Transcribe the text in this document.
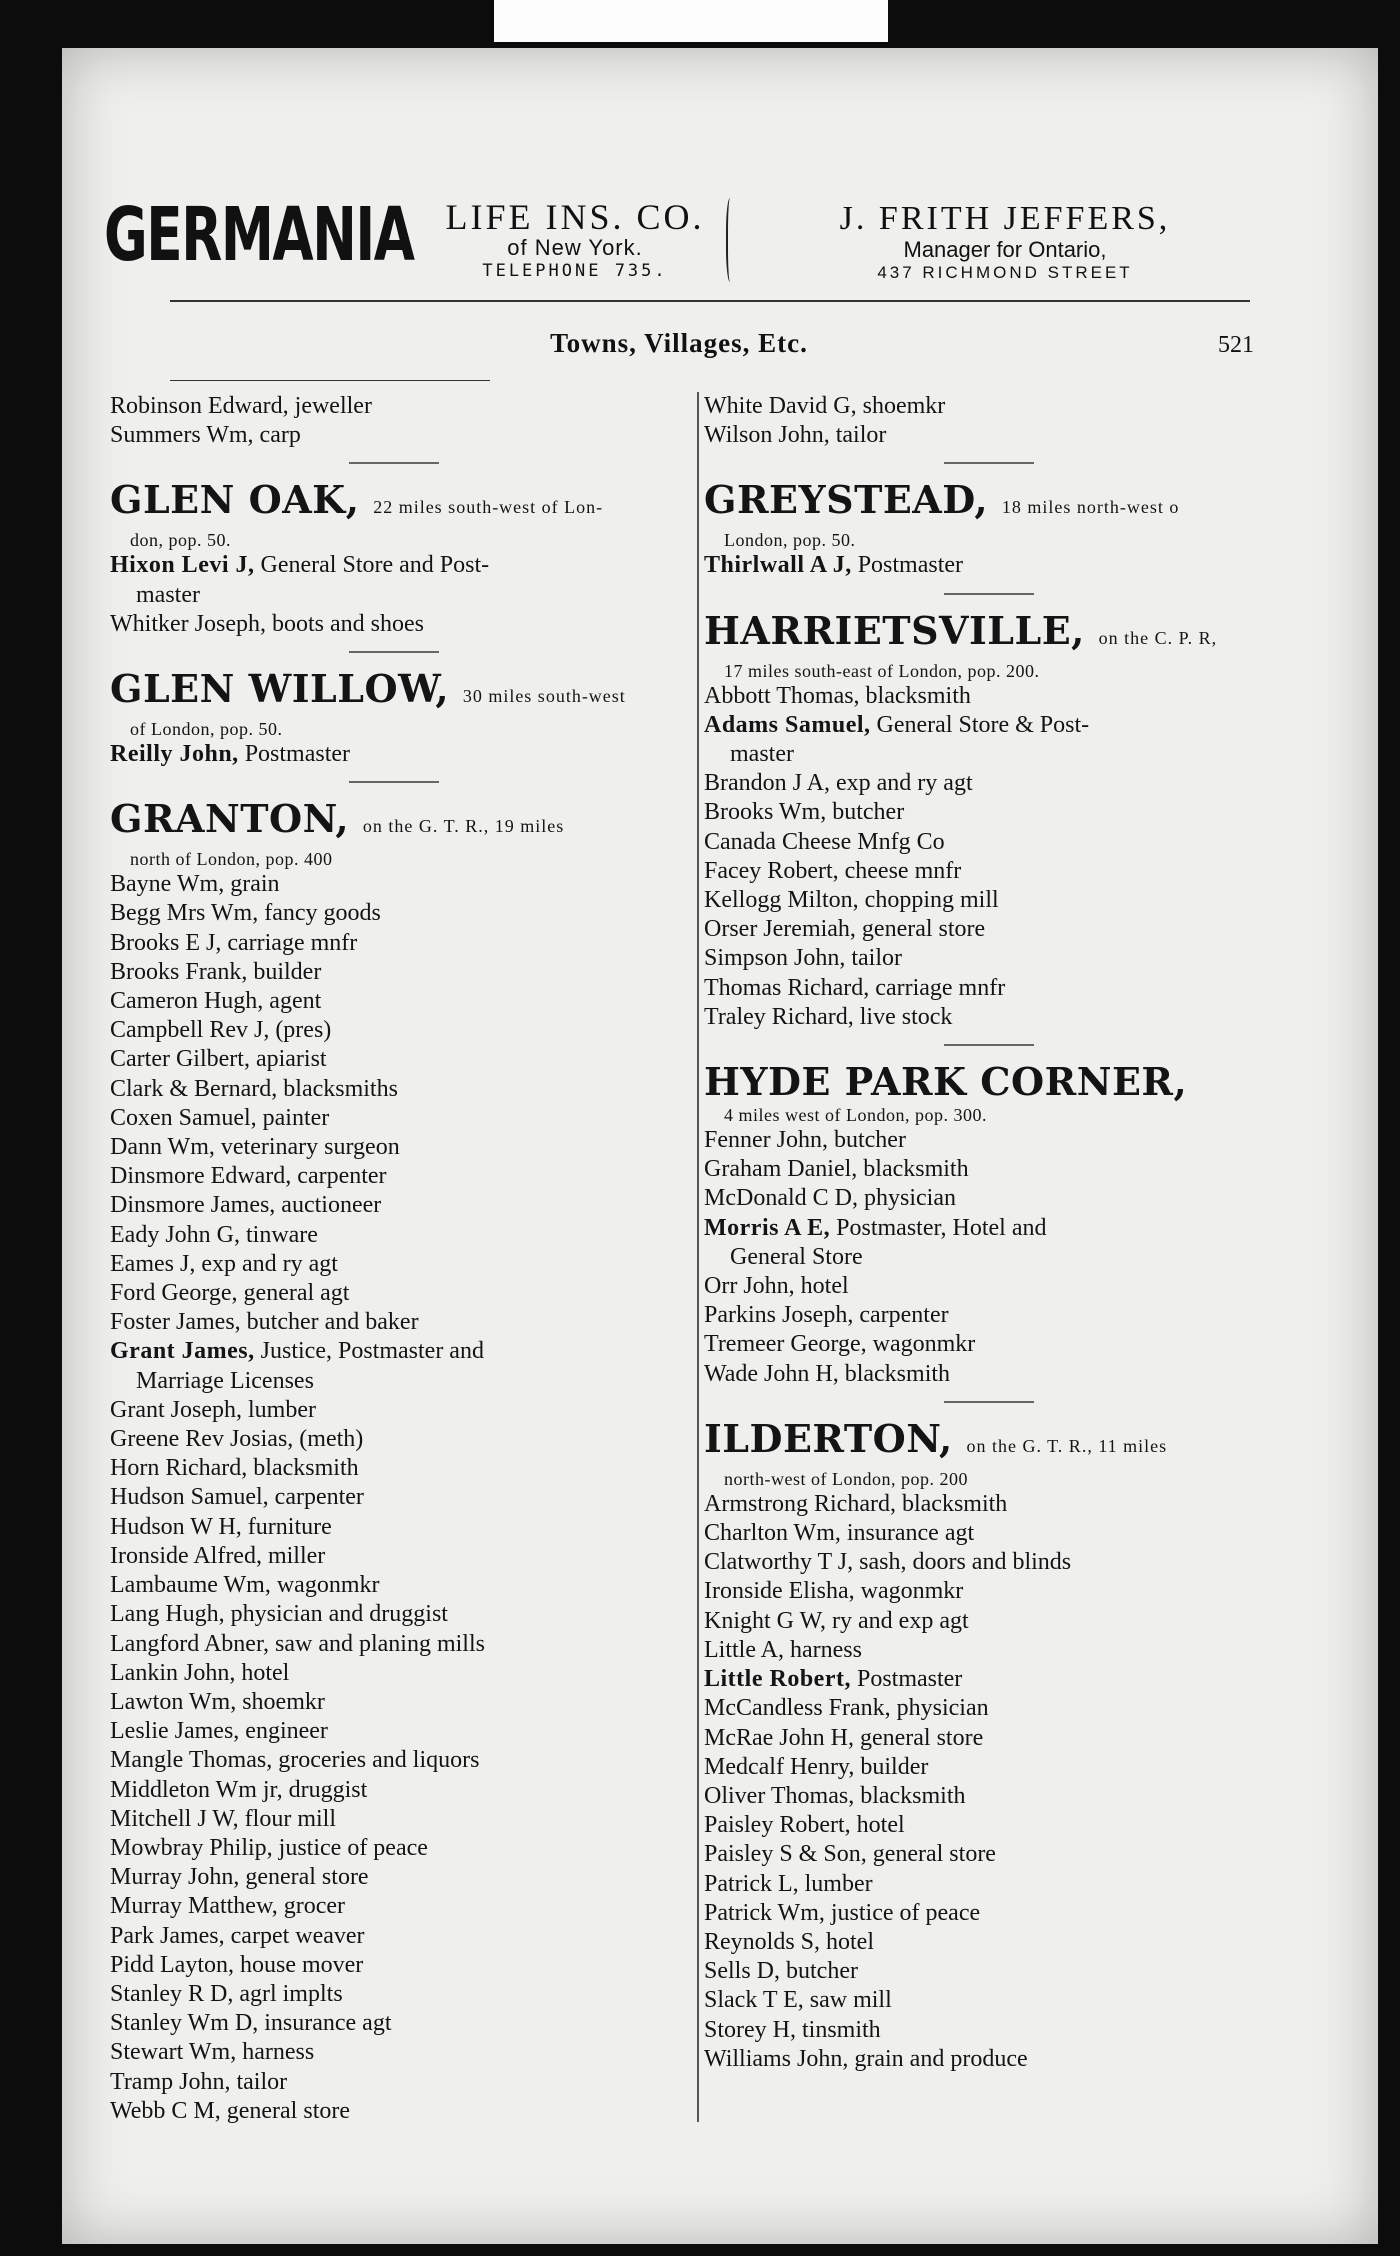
GERMANIA LIFE INS. CO.
of New York.
TELEPHONE 735.
J. FRITH JEFFERS,
Manager for Ontario,
437 RICHMOND STREET
Towns, Villages, Etc.	521
Robinson Edward, jeweller
Summers Wm, carp
GLEN OAK, 22 miles south-west of Lon-
don, pop. 50.
Hixon Levi J, General Store and Post-
master
Whitker Joseph, boots and shoes
GLEN WILLOW, 30 miles south-west
of London, pop. 50.
Reilly John, Postmaster
GRANTON, on the G. T. R., 19 miles
north of London, pop. 400
Bayne Wm, grain
Begg Mrs Wm, fancy goods
Brooks E J, carriage mnfr
Brooks Frank, builder
Cameron Hugh, agent
Campbell Rev J, (pres)
Carter Gilbert, apiarist
Clark & Bernard, blacksmiths
Coxen Samuel, painter
Dann Wm, veterinary surgeon
Dinsmore Edward, carpenter
Dinsmore James, auctioneer
Eady John G, tinware
Eames J, exp and ry agt
Ford George, general agt
Foster James, butcher and baker
Grant James, Justice, Postmaster and
Marriage Licenses
Grant Joseph, lumber
Greene Rev Josias, (meth)
Horn Richard, blacksmith
Hudson Samuel, carpenter
Hudson W H, furniture
Ironside Alfred, miller
Lambaume Wm, wagonmkr
Lang Hugh, physician and druggist
Langford Abner, saw and planing mills
Lankin John, hotel
Lawton Wm, shoemkr
Leslie James, engineer
Mangle Thomas, groceries and liquors
Middleton Wm jr, druggist
Mitchell J W, flour mill
Mowbray Philip, justice of peace
Murray John, general store
Murray Matthew, grocer
Park James, carpet weaver
Pidd Layton, house mover
Stanley R D, agrl implts
Stanley Wm D, insurance agt
Stewart Wm, harness
Tramp John, tailor
Webb C M, general store
White David G, shoemkr
Wilson John, tailor
GREYSTEAD, 18 miles north-west o
London, pop. 50.
Thirlwall A J, Postmaster
HARRIETSVILLE, on the C. P. R,
17 miles south-east of London, pop. 200.
Abbott Thomas, blacksmith
Adams Samuel, General Store & Post-
master
Brandon J A, exp and ry agt
Brooks Wm, butcher
Canada Cheese Mnfg Co
Facey Robert, cheese mnfr
Kellogg Milton, chopping mill
Orser Jeremiah, general store
Simpson John, tailor
Thomas Richard, carriage mnfr
Traley Richard, live stock
HYDE PARK CORNER,
4 miles west of London, pop. 300.
Fenner John, butcher
Graham Daniel, blacksmith
McDonald C D, physician
Morris A E, Postmaster, Hotel and
General Store
Orr John, hotel
Parkins Joseph, carpenter
Tremeer George, wagonmkr
Wade John H, blacksmith
ILDERTON, on the G. T. R., 11 miles
north-west of London, pop. 200
Armstrong Richard, blacksmith
Charlton Wm, insurance agt
Clatworthy T J, sash, doors and blinds
Ironside Elisha, wagonmkr
Knight G W, ry and exp agt
Little A, harness
Little Robert, Postmaster
McCandless Frank, physician
McRae John H, general store
Medcalf Henry, builder
Oliver Thomas, blacksmith
Paisley Robert, hotel
Paisley S & Son, general store
Patrick L, lumber
Patrick Wm, justice of peace
Reynolds S, hotel
Sells D, butcher
Slack T E, saw mill
Storey H, tinsmith
Williams John, grain and produce
